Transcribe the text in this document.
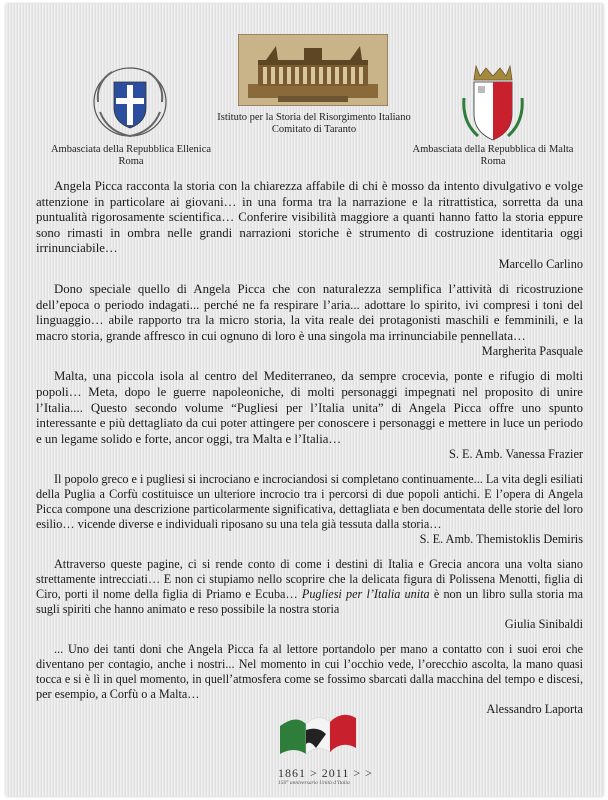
Ambasciata della Repubblica Ellenica
Roma
Istituto per la Storia del Risorgimento Italiano
Comitato di Taranto
Ambasciata della Repubblica di Malta
Roma

Angela Picca racconta la storia con la chiarezza affabile di chi è mosso da intento divulgativo e volge attenzione in particolare ai giovani… in una forma tra la narrazione e la ritrattistica, sorretta da una puntualità rigorosamente scientifica… Conferire visibilità maggiore a quanti hanno fatto la storia eppure sono rimasti in ombra nelle grandi narrazioni storiche è strumento di costruzione identitaria oggi irrinunciabile…

Marcello Carlino

Dono speciale quello di Angela Picca che con naturalezza semplifica l’attività di ricostruzione dell’epoca o periodo indagati... perché ne fa respirare l’aria... adottare lo spirito, ivi compresi i toni del linguaggio… abile rapporto tra la micro storia, la vita reale dei protagonisti maschili e femminili, e la macro storia, grande affresco in cui ognuno di loro è una singola ma irrinunciabile pennellata…

Margherita Pasquale

Malta, una piccola isola al centro del Mediterraneo, da sempre crocevia, ponte e rifugio di molti popoli… Meta, dopo le guerre napoleoniche, di molti personaggi impegnati nel proposito di unire l’Italia.... Questo secondo volume “Pugliesi per l’Italia unita” di Angela Picca offre uno spunto interessante e più dettagliato da cui poter attingere per conoscere i personaggi e mettere in luce un periodo e un legame solido e forte, ancor oggi, tra Malta e l’Italia…

S. E. Amb. Vanessa Frazier

Il popolo greco e i pugliesi si incrociano e incrociandosi si completano continuamente... La vita degli esiliati della Puglia a Corfù costituisce un ulteriore incrocio tra i percorsi di due popoli antichi. E l’opera di Angela Picca compone una descrizione particolarmente significativa, dettagliata e ben documentata delle storie del loro esilio… vicende diverse e individuali riposano su una tela già tessuta dalla storia…

S. E. Amb. Themistoklis Demiris

Attraverso queste pagine, ci si rende conto di come i destini di Italia e Grecia ancora una volta siano strettamente intrecciati… E non ci stupiamo nello scoprire che la delicata figura di Polissena Menotti, figlia di Ciro, porti il nome della figlia di Priamo e Ecuba… Pugliesi per l’Italia unita è non un libro sulla storia ma sugli spiriti che hanno animato e reso possibile la nostra storia

Giulia Sinibaldi

... Uno dei tanti doni che Angela Picca fa al lettore portandolo per mano a contatto con i suoi eroi che diventano per contagio, anche i nostri... Nel momento in cui l’occhio vede, l’orecchio ascolta, la mano quasi tocca e si è lì in quel momento, in quell’atmosfera come se fossimo sbarcati dalla macchina del tempo e discesi, per esempio, a Corfù o a Malta…

Alessandro Laporta

1861 > 2011 > >
150° anniversario Unità d’Italia
